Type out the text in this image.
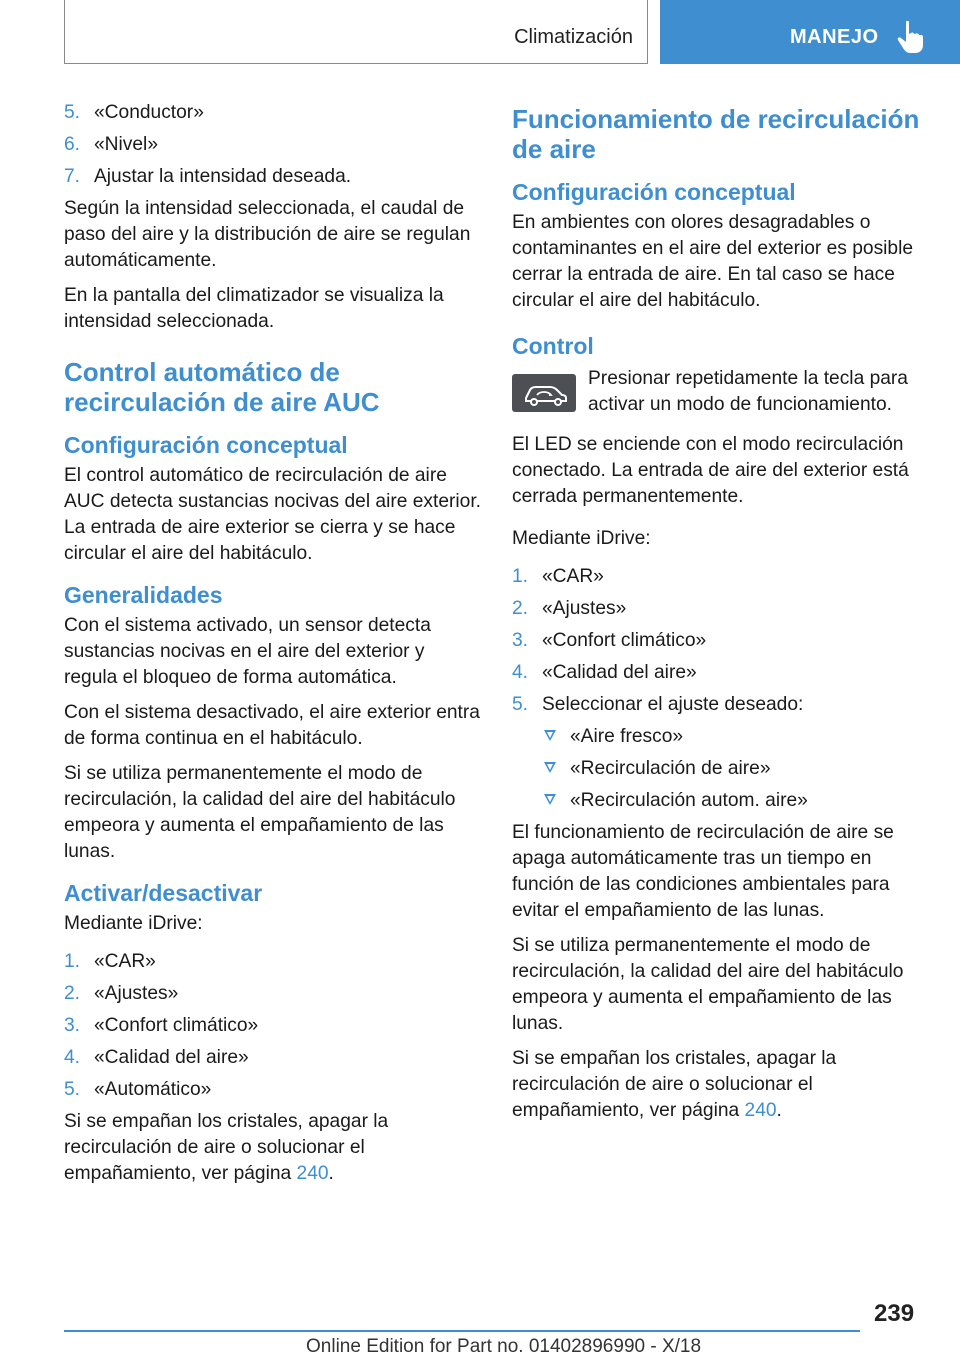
Climatización	MANEJO
5. «Conductor»
6. «Nivel»
7. Ajustar la intensidad deseada.

Según la intensidad seleccionada, el caudal de paso del aire y la distribución de aire se regulan automáticamente.

En la pantalla del climatizador se visualiza la intensidad seleccionada.

Control automático de recirculación de aire AUC
Configuración conceptual

El control automático de recirculación de aire AUC detecta sustancias nocivas del aire exterior. La entrada de aire exterior se cierra y se hace circular el aire del habitáculo.

Generalidades

Con el sistema activado, un sensor detecta sustancias nocivas en el aire del exterior y regula el bloqueo de forma automática.

Con el sistema desactivado, el aire exterior entra de forma continua en el habitáculo.

Si se utiliza permanentemente el modo de recirculación, la calidad del aire del habitáculo empeora y aumenta el empañamiento de las lunas.

Activar/desactivar

Mediante iDrive:

1. «CAR»
2. «Ajustes»
3. «Confort climático»
4. «Calidad del aire»
5. «Automático»

Si se empañan los cristales, apagar la recirculación de aire o solucionar el empañamiento, ver página 240.

Funcionamiento de recirculación de aire
Configuración conceptual

En ambientes con olores desagradables o contaminantes en el aire del exterior es posible cerrar la entrada de aire. En tal caso se hace circular el aire del habitáculo.

Control

Presionar repetidamente la tecla para activar un modo de funcionamiento.

El LED se enciende con el modo recirculación conectado. La entrada de aire del exterior está cerrada permanentemente.

Mediante iDrive:

1. «CAR»
2. «Ajustes»
3. «Confort climático»
4. «Calidad del aire»
5. Seleccionar el ajuste deseado:
«Aire fresco»
«Recirculación de aire»
«Recirculación autom. aire»

El funcionamiento de recirculación de aire se apaga automáticamente tras un tiempo en función de las condiciones ambientales para evitar el empañamiento de las lunas.

Si se utiliza permanentemente el modo de recirculación, la calidad del aire del habitáculo empeora y aumenta el empañamiento de las lunas.

Si se empañan los cristales, apagar la recirculación de aire o solucionar el empañamiento, ver página 240.

239
Online Edition for Part no. 01402896990 - X/18
